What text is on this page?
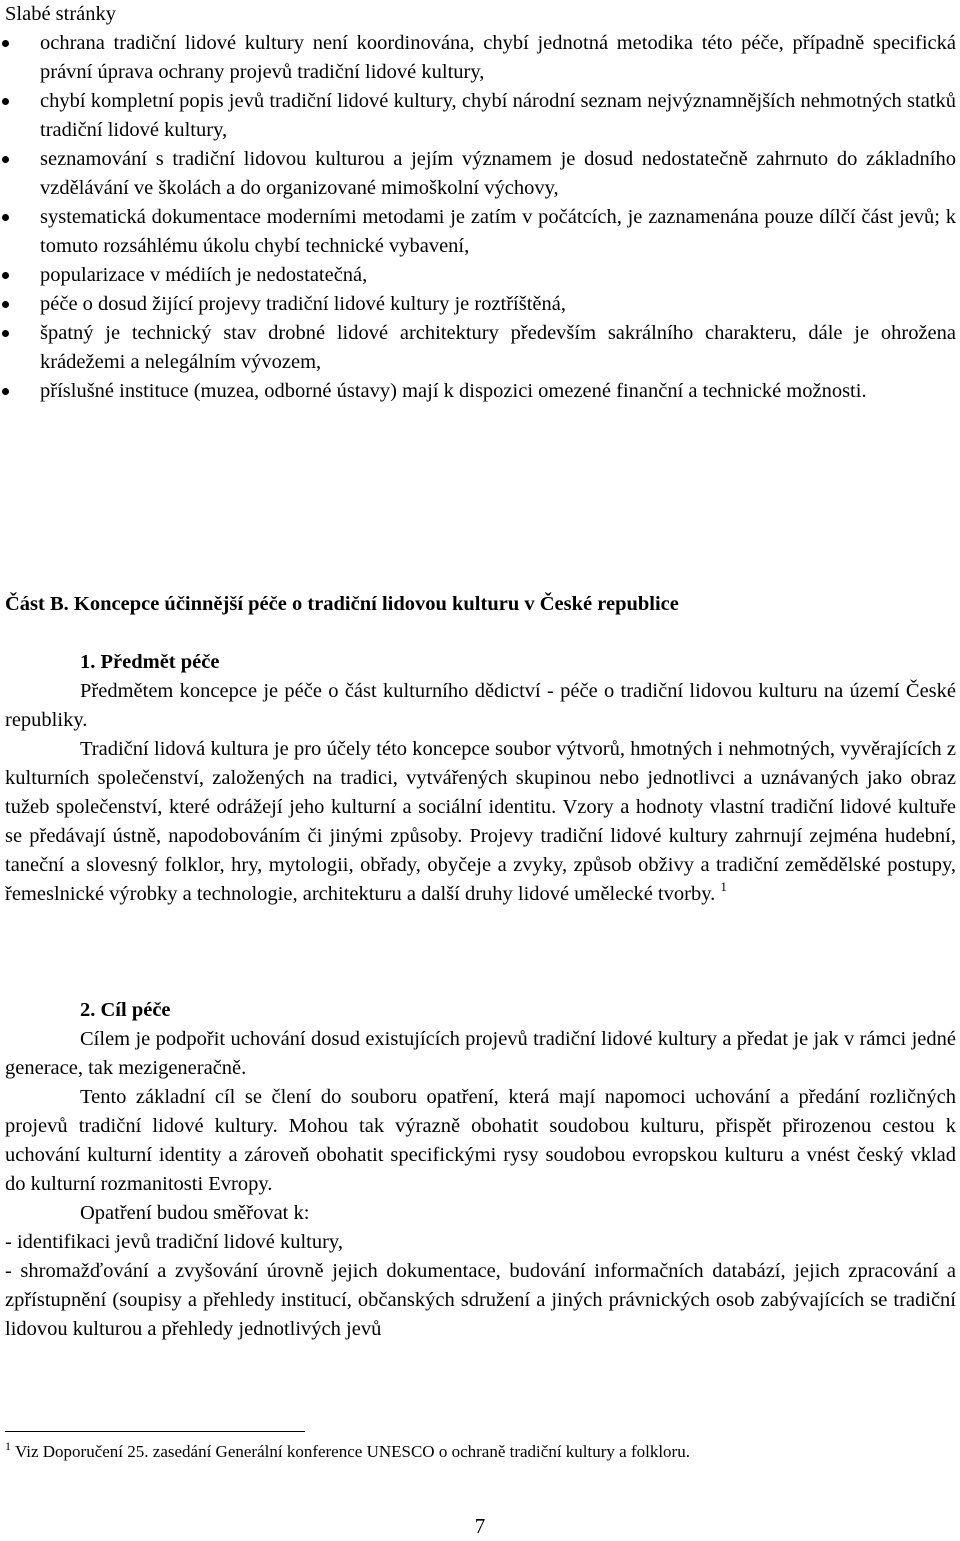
Slabé stránky
ochrana tradiční lidové kultury není koordinována, chybí jednotná metodika této péče, případně specifická právní úprava ochrany projevů tradiční lidové kultury,
chybí kompletní popis jevů tradiční lidové kultury, chybí národní seznam nejvýznamnějších nehmotných statků tradiční lidové kultury,
seznamování s tradiční lidovou kulturou a jejím významem je dosud nedostatečně zahrnuto do základního vzdělávání ve školách a do organizované mimoškolní výchovy,
systematická dokumentace moderními metodami je zatím v počátcích, je zaznamenána pouze dílčí část jevů; k tomuto rozsáhlému úkolu chybí technické vybavení,
popularizace v médiích je nedostatečná,
péče o dosud žijící projevy tradiční lidové kultury je roztříštěná,
špatný je technický stav drobné lidové architektury především sakrálního charakteru, dále je ohrožena krádežemi a nelegálním vývozem,
příslušné instituce (muzea, odborné ústavy) mají k dispozici omezené finanční a technické možnosti.
Část B. Koncepce účinnější péče o tradiční lidovou kulturu v České republice
1. Předmět péče
Předmětem koncepce je péče o část kulturního dědictví - péče o tradiční lidovou kulturu na území České republiky.
Tradiční lidová kultura je pro účely této koncepce soubor výtvorů, hmotných i nehmotných, vyvěrajících z kulturních společenství, založených na tradici, vytvářených skupinou nebo jednotlivci a uznávaných jako obraz tužeb společenství, které odrážejí jeho kulturní a sociální identitu. Vzory a hodnoty vlastní tradiční lidové kultuře se předávají ústně, napodobováním či jinými způsoby. Projevy tradiční lidové kultury zahrnují zejména hudební, taneční a slovesný folklor, hry, mytologii, obřady, obyčeje a zvyky, způsob obživy a tradiční zemědělské postupy, řemeslnické výrobky a technologie, architekturu a další druhy lidové umělecké tvorby. $^1$
2. Cíl péče
Cílem je podpořit uchování dosud existujících projevů tradiční lidové kultury a předat je jak v rámci jedné generace, tak mezigeneračně.
Tento základní cíl se člení do souboru opatření, která mají napomoci uchování a předání rozličných projevů tradiční lidové kultury. Mohou tak výrazně obohatit soudobou kulturu, přispět přirozenou cestou k uchování kulturní identity a zároveň obohatit specifickými rysy soudobou evropskou kulturu a vnést český vklad do kulturní rozmanitosti Evropy.
Opatření budou směřovat k:
- identifikaci jevů tradiční lidové kultury,
- shromažďování a zvyšování úrovně jejich dokumentace, budování informačních databází, jejich zpracování a zpřístupnění (soupisy a přehledy institucí, občanských sdružení a jiných právnických osob zabývajících se tradiční lidovou kulturou a přehledy jednotlivých jevů
$^1$ Viz Doporučení 25. zasedání Generální konference UNESCO o ochraně tradiční kultury a folkloru.
7
